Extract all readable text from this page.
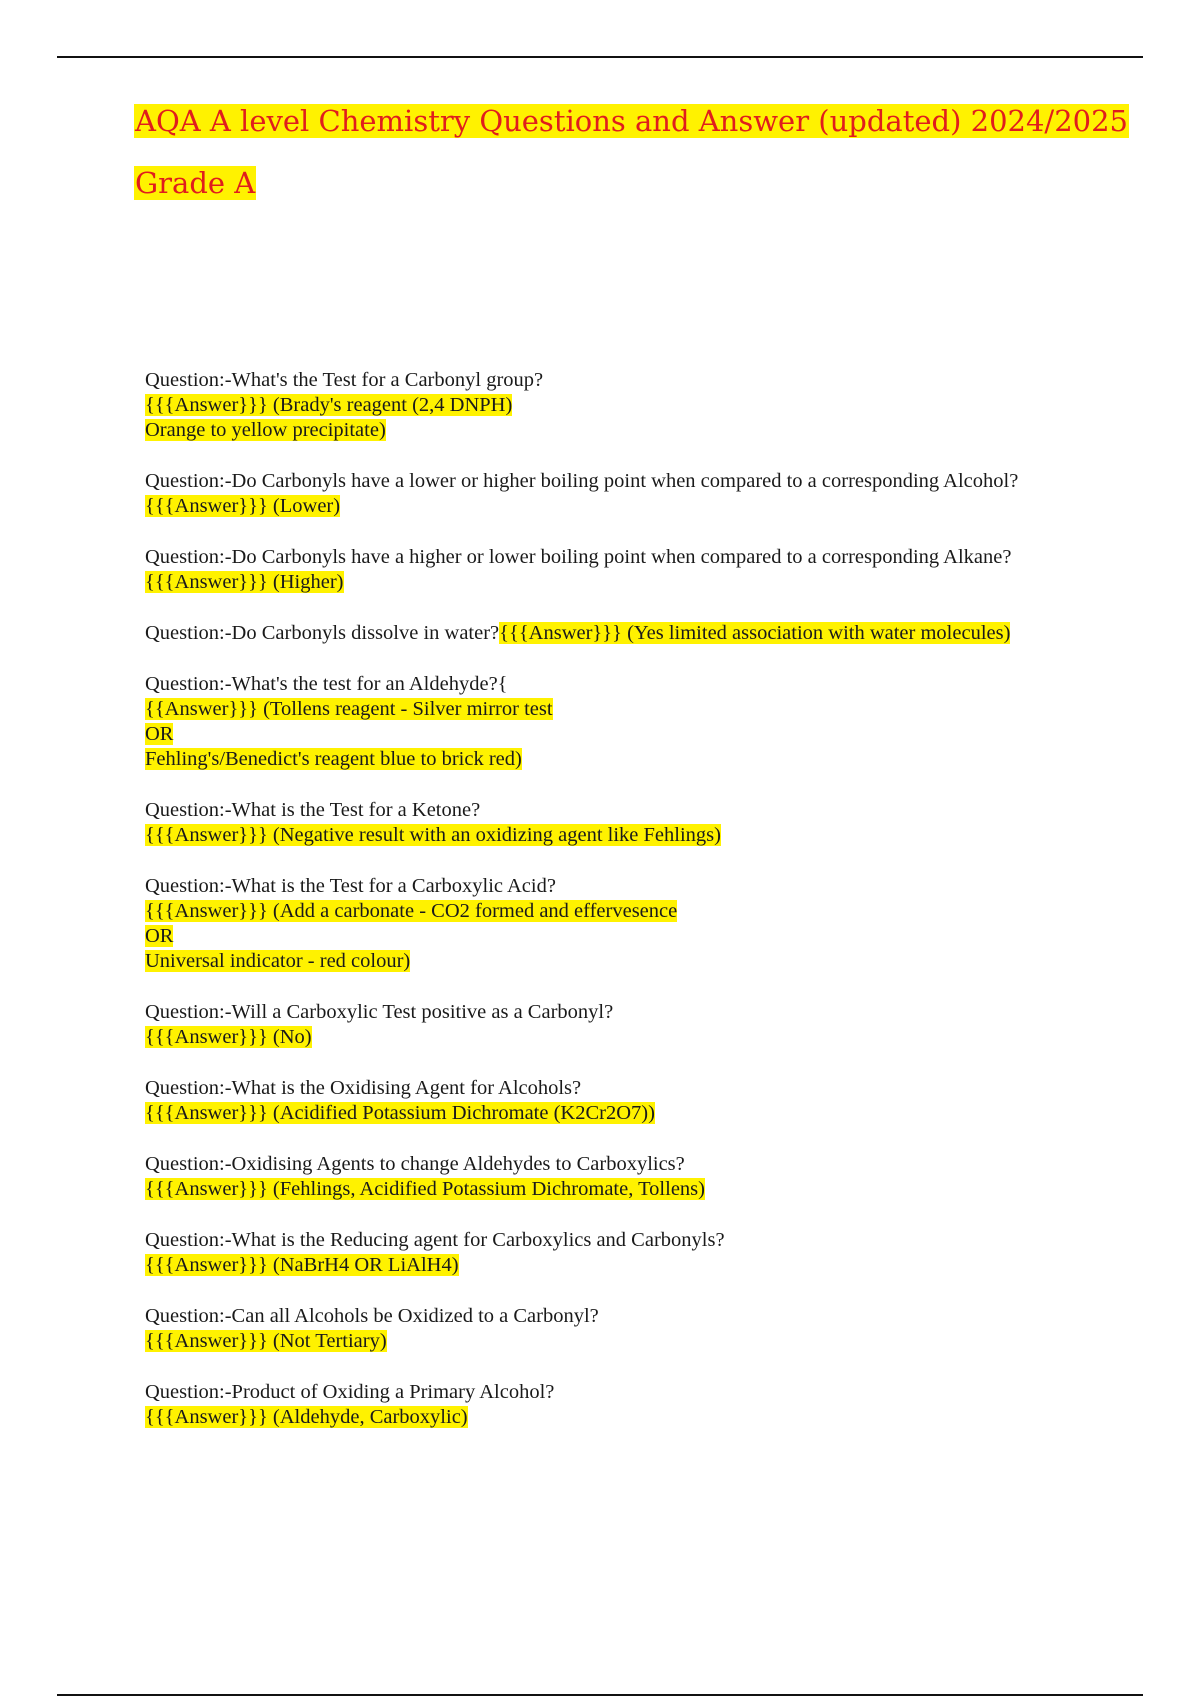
AQA A level Chemistry Questions and Answer (updated) 2024/2025
Grade A
Question:-What's the Test for a Carbonyl group?
{{{Answer}}} (Brady's reagent (2,4 DNPH)
Orange to yellow precipitate)
Question:-Do Carbonyls have a lower or higher boiling point when compared to a corresponding Alcohol?
{{{Answer}}} (Lower)
Question:-Do Carbonyls have a higher or lower boiling point when compared to a corresponding Alkane?
{{{Answer}}} (Higher)
Question:-Do Carbonyls dissolve in water?{{{Answer}}} (Yes limited association with water molecules)
Question:-What's the test for an Aldehyde?{
{{Answer}}} (Tollens reagent - Silver mirror test
OR
Fehling's/Benedict's reagent blue to brick red)
Question:-What is the Test for a Ketone?
{{{Answer}}} (Negative result with an oxidizing agent like Fehlings)
Question:-What is the Test for a Carboxylic Acid?
{{{Answer}}} (Add a carbonate - CO2 formed and effervesence
OR
Universal indicator - red colour)
Question:-Will a Carboxylic Test positive as a Carbonyl?
{{{Answer}}} (No)
Question:-What is the Oxidising Agent for Alcohols?
{{{Answer}}} (Acidified Potassium Dichromate (K2Cr2O7))
Question:-Oxidising Agents to change Aldehydes to Carboxylics?
{{{Answer}}} (Fehlings, Acidified Potassium Dichromate, Tollens)
Question:-What is the Reducing agent for Carboxylics and Carbonyls?
{{{Answer}}} (NaBrH4 OR LiAlH4)
Question:-Can all Alcohols be Oxidized to a Carbonyl?
{{{Answer}}} (Not Tertiary)
Question:-Product of Oxiding a Primary Alcohol?
{{{Answer}}} (Aldehyde, Carboxylic)
